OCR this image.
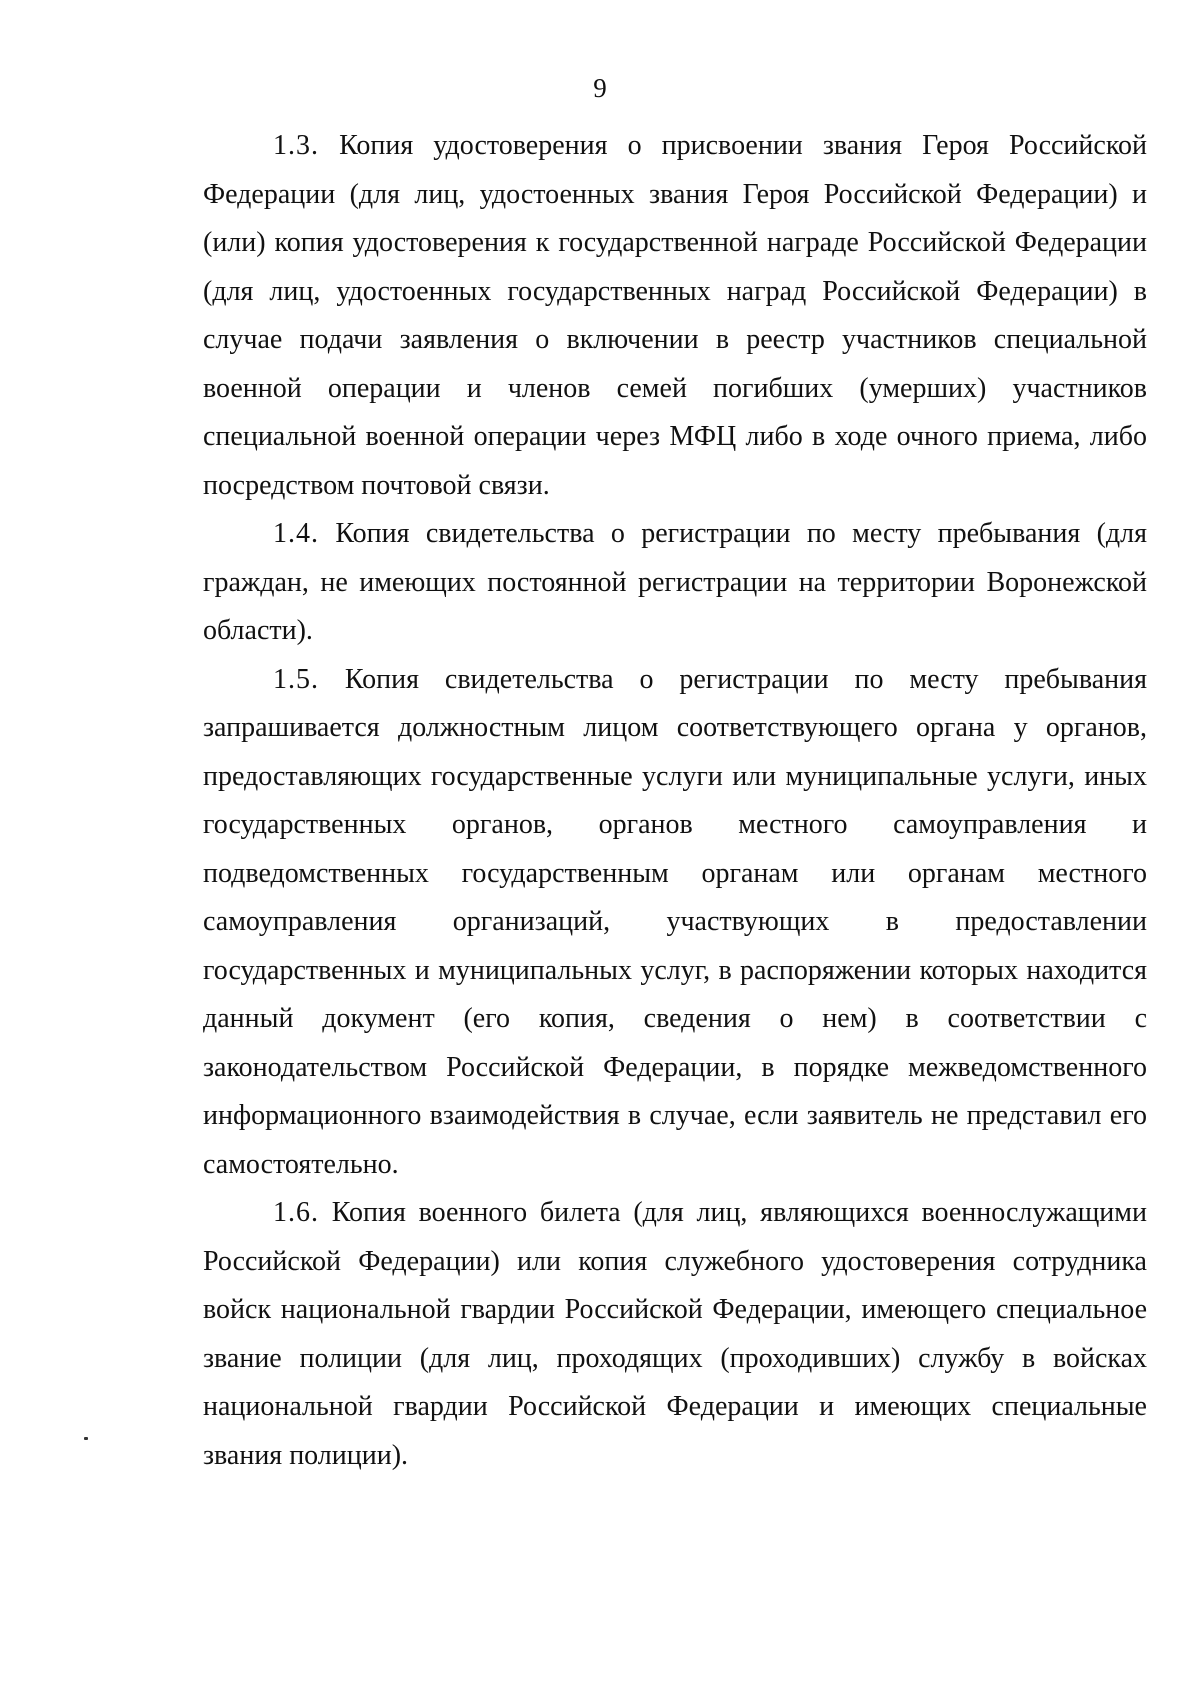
9

1.3. Копия удостоверения о присвоении звания Героя Российской Федерации (для лиц, удостоенных звания Героя Российской Федерации) и (или) копия удостоверения к государственной награде Российской Федерации (для лиц, удостоенных государственных наград Российской Федерации) в случае подачи заявления о включении в реестр участников специальной военной операции и членов семей погибших (умерших) участников специальной военной операции через МФЦ либо в ходе очного приема, либо посредством почтовой связи.

1.4. Копия свидетельства о регистрации по месту пребывания (для граждан, не имеющих постоянной регистрации на территории Воронежской области).

1.5. Копия свидетельства о регистрации по месту пребывания запрашивается должностным лицом соответствующего органа у органов, предоставляющих государственные услуги или муниципальные услуги, иных государственных органов, органов местного самоуправления и подведомственных государственным органам или органам местного самоуправления организаций, участвующих в предоставлении государственных и муниципальных услуг, в распоряжении которых находится данный документ (его копия, сведения о нем) в соответствии с законодательством Российской Федерации, в порядке межведомственного информационного взаимодействия в случае, если заявитель не представил его самостоятельно.

1.6. Копия военного билета (для лиц, являющихся военнослужащими Российской Федерации) или копия служебного удостоверения сотрудника войск национальной гвардии Российской Федерации, имеющего специальное звание полиции (для лиц, проходящих (проходивших) службу в войсках национальной гвардии Российской Федерации и имеющих специальные звания полиции).
